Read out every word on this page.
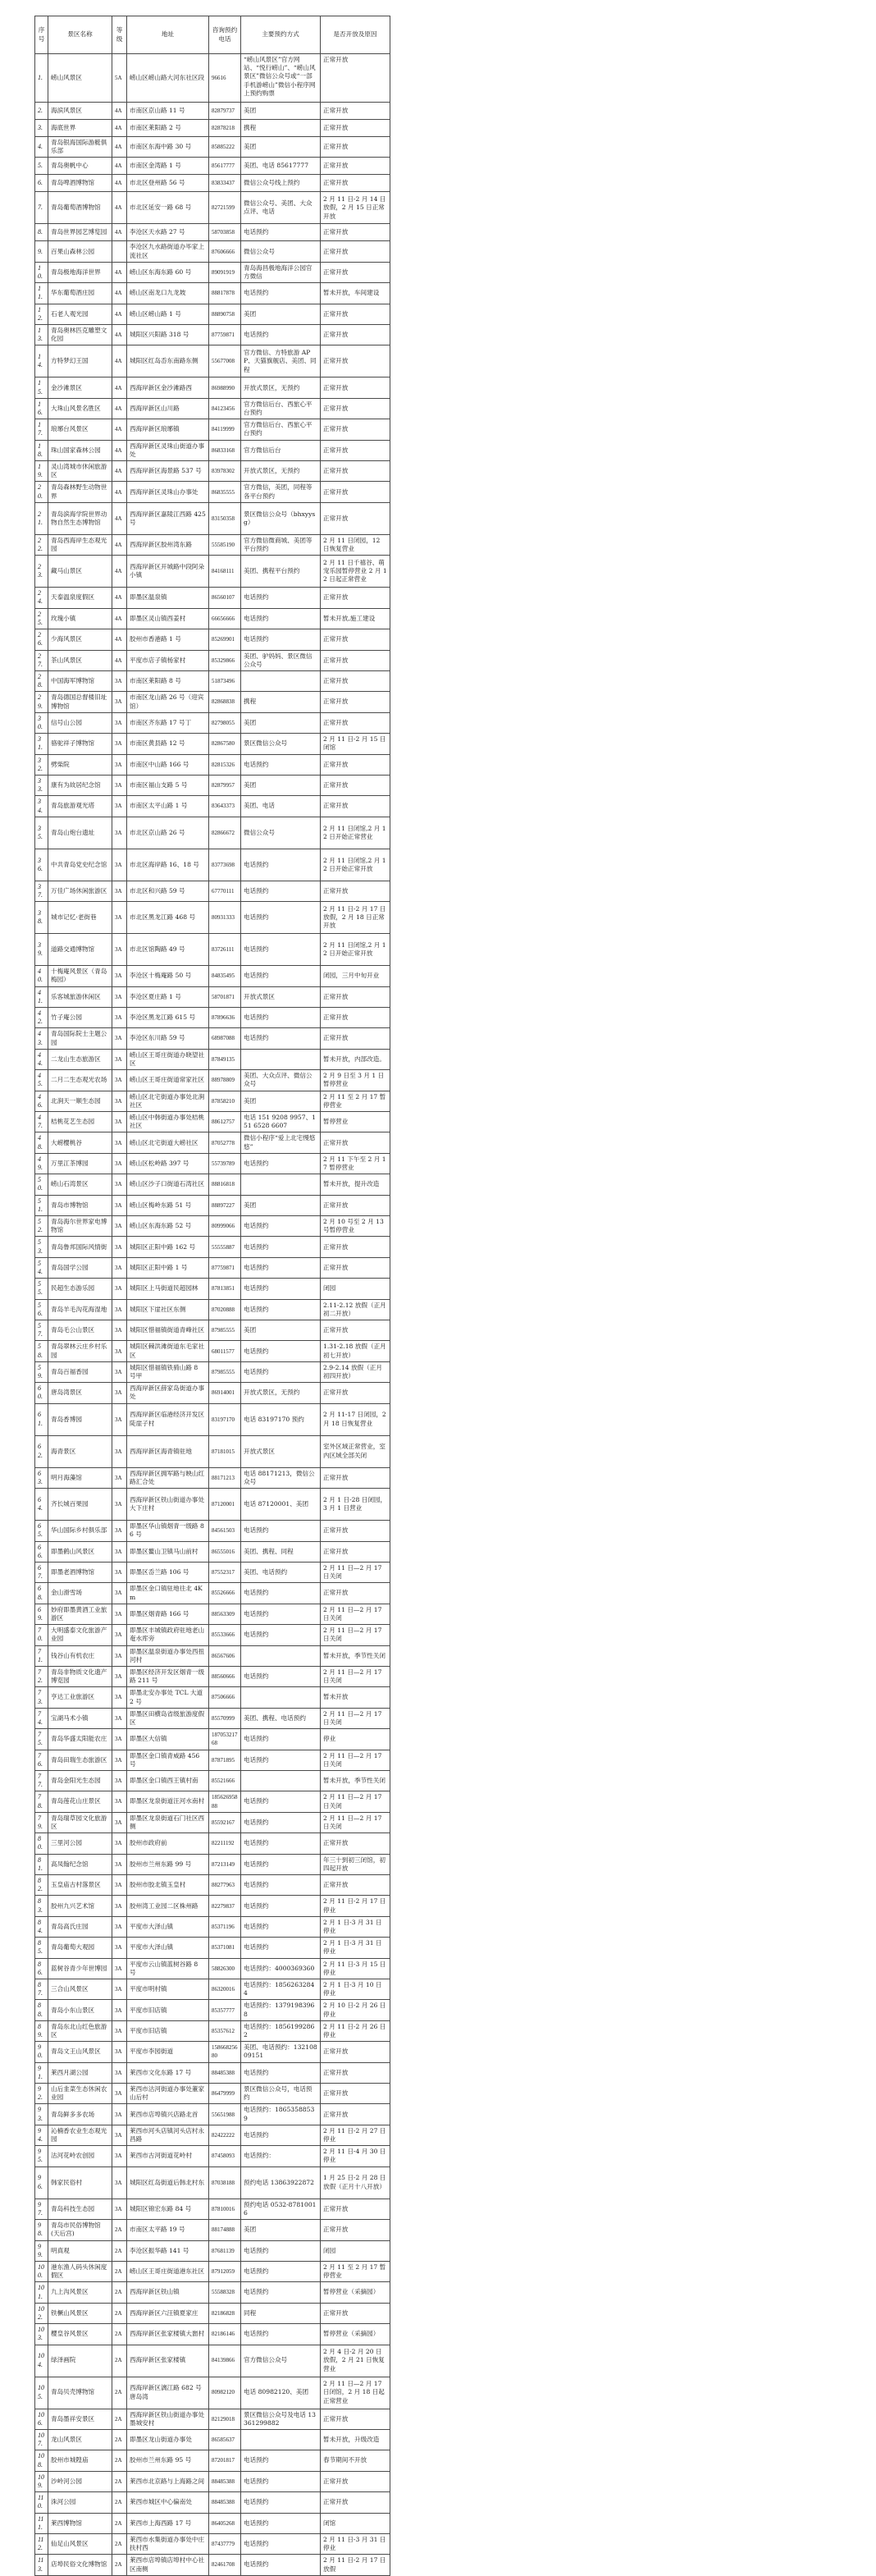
序号	景区名称	等级	地址	咨询预约电话	主要预约方式	是否开放及原因
1.	崂山风景区	5A	崂山区崂山路大河东社区段	96616	“崂山风景区”官方网站、“悦行崂山”、“崂山风景区”微信公众号或“一部手机游崂山”微信小程序网上预约购票	正常开放
2.	海滨风景区	4A	市南区京山路 11 号	82879737	美团	正常开放
3.	海底世界	4A	市南区莱阳路 2 号	82878218	携程	正常开放
4.	青岛银海国际游艇俱乐部	4A	市南区东海中路 30 号	85885222	美团	正常开放
5.	青岛奥帆中心	4A	市南区金湾路 1 号	85617777	美团、电话 85617777	正常开放
6.	青岛啤酒博物馆	4A	市北区登州路 56 号	83833437	微信公众号线上预约	正常开放
7.	青岛葡萄酒博物馆	4A	市北区延安一路 68 号	82721599	微信公众号、美团、大众点评、电话	2 月 11 日-2 月 14 日放假，2 月 15 日正常开放
8.	青岛世界园艺博览园	4A	李沧区天水路 27 号	58703858	电话预约	正常开放
9.	百果山森林公园		李沧区九水路街道办毕家上流社区	87606666	微信公众号	正常开放
10.	青岛极地海洋世界	4A	崂山区东海东路 60 号	89091919	青岛海昌极地海洋公园官方微信	正常开放
11.	华东葡萄酒庄园	4A	崂山区南龙口九龙坡	88817878	电话预约	暂未开放，车间建设
12.	石老人观光园	4A	崂山区崂山路 1 号	88890758	美团	正常开放
13.	青岛奥林匹克雕塑文化园	4A	城阳区兴阳路 318 号	87759871	电话预约	正常开放
14.	方特梦幻王国	4A	城阳区红岛岙东南路东侧	55677008	官方微信、方特旅游 APP、天猫旗舰店、美团、同程	正常开放
15.	金沙滩景区	4A	西海岸新区金沙滩路西	86988990	开放式景区，无预约	正常开放
16.	大珠山风景名胜区	4A	西海岸新区山川路	84123456	官方微信后台、西旅心平台预约	正常开放
17.	琅琊台风景区	4A	西海岸新区琅琊镇	84119999	官方微信后台、西旅心平台预约	正常开放
18.	珠山国家森林公园	4A	西海岸新区灵珠山街道办事处	86833168	官方微信后台	正常开放
19.	灵山湾城市休闲旅游区	4A	西海岸新区海景路 537 号	83978302	开放式景区，无预约	正常开放
20.	青岛森林野生动物世界	4A	西海岸新区灵珠山办事处	86835555	官方微信，美团，同程等各平台预约	正常开放
21.	青岛滨海学院世界动物自然生态博物馆	4A	西海岸新区嘉陵江西路 425 号	83150358	景区微信公众号（bhxyysg）	正常开放
22.	青岛西海岸生态观光园	4A	西海岸新区胶州湾东路	55585190	官方微信微商城、美团等平台预约	2 月 11 日闭园，12 日恢复营业
23.	藏马山景区	4A	西海岸新区开城路中段阿朵小镇	84168111	美团、携程平台预约	2 月 11 日千禧谷、萌宠乐园暂停营业 2 月 12 日起正常营业
24.	天泰温泉度假区	4A	即墨区温泉镇	86560107	电话预约	正常开放
25.	玫瑰小镇	4A	即墨区灵山镇西姜村	66656666	电话预约	暂未开放,施工建设
26.	少海风景区	4A	胶州市香港路 1 号	85269901	电话预约	正常开放
27.	茶山风景区	4A	平度市店子镇杨家村	85329866	美团、驴妈妈、景区微信公众号	正常开放
28.	中国海军博物馆	3A	市南区莱阳路 8 号	51873496		正常开放
29.	青岛德国总督楼旧址博物馆	3A	市南区龙山路 26 号（迎宾馆）	82868838	携程	正常开放
30.	信号山公园	3A	市南区齐东路 17 号丁	82798055	美团	正常开放
31.	骆驼祥子博物馆	3A	市南区黄县路 12 号	82867580	景区微信公众号	2 月 11 日-2 月 15 日闭馆
32.	劈柴院	3A	市南区中山路 166 号	82815326	电话预约	正常开放
33.	康有为故居纪念馆	3A	市南区福山支路 5 号	82879957	美团	正常开放
34.	青岛旅游观光塔	3A	市南区太平山路 1 号	83643373	美团、电话	正常开放
35.	青岛山炮台遗址	3A	市北区京山路 26 号	82866672	微信公众号	2 月 11 日闭馆,2 月 12 日开始正常营业
36.	中共青岛党史纪念馆	3A	市北区海岸路 16、18 号	83773698	电话预约	2 月 11 日闭馆,2 月 12 日开始正常开放
37.	万佳广场休闲旅游区	3A	市北区和兴路 59 号	67770111	电话预约	正常开放
38.	城市记忆·老街巷	3A	市北区黑龙江路 468 号	80931333	电话预约	2 月 11 日-2 月 17 日放假，2 月 18 日正常开放
39.	道路交通博物馆	3A	市北区馆陶路 49 号	83726111	电话预约	2 月 11 日闭馆,2 月 12 日开始正常开放
40.	十梅庵风景区（青岛梅园）	3A	李沧区十梅庵路 50 号	84835495	电话预约	闭园，三月中旬开业
41.	乐客城旅游休闲区	3A	李沧区夏庄路 1 号	58701871	开放式景区	正常开放
42.	竹子庵公园	3A	李沧区黑龙江路 615 号	87896636	电话预约	正常开放
43.	青岛国际院士主题公园	3A	李沧区东川路 59 号	68987088	电话预约	正常开放
44.	二龙山生态旅游区	3A	崂山区王哥庄街道办晓望社区	87849135		暂未开放，内部改造。
45.	二月二生态观光农场	3A	崂山区王哥庄街道常家社区	88978809	美团、大众点评、微信公众号	2 月 9 日至 3 月 1 日暂停营业
46.	北涧天一顺生态园	3A	崂山区北宅街道办事处北涧社区	87858210	美团	2 月 11 至 2 月 17 暂停营业
47.	桔桃花艺生态园	3A	崂山区中韩街道办事处桔桃社区	88612757	电话 151 9208 9957、151 6528 6607	暂停营业
48.	大崂樱桃谷	3A	崂山区北宅街道大崂社区	87052778	微信小程序“爱上北宅慢悠悠”	正常开放
49.	万里江茶博园	3A	崂山区松岭路 397 号	55739789	电话预约	2 月 11 下午至 2 月 17 暂停营业
50.	崂山石湾景区	3A	崂山区沙子口街道石湾社区	88816818		暂未开放，提升改造
51.	青岛市博物馆	3A	崂山区梅岭东路 51 号	88897227	美团	正常开放
52.	青岛海尔世界家电博物馆	3A	崂山区东海东路 52 号	80999066	电话预约	2 月 10 号至 2 月 13 号暂停营业
53.	青岛鲁邦国际风情街	3A	城阳区正阳中路 162 号	55555887	电话预约	正常开放
54.	青岛国学公园	3A	城阳区正阳中路 1 号	87759871	电话预约	正常开放
55.	民超生态游乐园	3A	城阳区上马街道民超园林	87813851	电话预约	闭园
56.	青岛羊毛沟花海湿地	3A	城阳区下崖社区东侧	87020888	电话预约	2.11-2.12 放假（正月初二开放）
57.	青岛毛公山景区	3A	城阳区惜福镇街道青峰社区	87985555	美团	正常开放
58.	青岛翠林云庄乡村乐园	3A	城阳区棘洪滩街道东毛家社区	68011577	电话预约	1.31-2.18 放假（正月初七开放）
59.	青岛百福香园	3A	城阳区惜福镇铁骑山路 8 号甲	87985555	电话预约	2.9-2.14 放假（正月初四开放）
60.	唐岛湾景区	3A	西海岸新区薛家岛街道办事处	86914001	开放式景区，无预约	正常开放
61.	青岛香博园	3A	西海岸新区临港经济开发区陡崖子村	83197170	电话 83197170 预约	2 月 11-17 日闭园，2 月 18 日恢复营业
62.	海青景区	3A	西海岸新区海青镇驻地	87181015	开放式景区	室外区域正常营业，室内区域全部关闭
63.	明月海藻馆	3A	西海岸新区拥军路与映山红路汇合处	88171213	电话 88171213，微信公众号	正常开放
64.	齐长城百果园	3A	西海岸新区铁山街道办事处大下庄村	87120001	电话 87120001、美团	2 月 1 日-28 日闭园，3 月 1 日营业
65.	华山国际乡村俱乐部	3A	即墨区华山镇烟青一级路 86 号	84561503	电话预约	正常开放
66.	即墨鹤山风景区	3A	即墨区鳌山卫镇马山前村	86555016	美团、携程、同程	正常开放
67.	即墨老酒博物馆	3A	即墨区岙兰路 106 号	87552317	美团、电话预约	2 月 11 日—2 月 17 日关闭
68.	金山滑雪场	3A	即墨区金口镇驻地往北 4Km	85526666	电话预约	正常开放
69.	妙府即墨黄酒工业旅游区	3A	即墨区烟青路 166 号	88563309	电话预约	2 月 11 日—2 月 17 日关闭
70.	大明盛泰文化旅游产业园	3A	即墨区丰城镇政府驻地老山奄水库旁	85533666	电话预约	2 月 11 日—2 月 17 日关闭
71.	钱谷山有机农庄	3A	即墨区温泉街道办事处西扭河村	86567606		暂未开放，季节性关闭
72.	青岛非物质文化遗产博览园	3A	即墨区经济开发区烟青一级路 211 号	88560666	电话预约	2 月 11 日—2 月 17 日关闭
73.	亨达工业旅游区	3A	即墨北安办事处 TCL 大道 2 号	87506666		暂未开放
74.	宝湖马术小镇	3A	即墨区田横岛省级旅游度假区	85570999	美团、携程、电话预约	2 月 11 日—2 月 17 日关闭
75.	青岛华盛太阳能农庄	3A	即墨区大信镇	18705321768	电话预约	停业
76.	青岛田瑞生态旅游区	3A	即墨区金口镇青威路 456 号	87871895	电话预约	2 月 11 日—2 月 17 日关闭
77.	青岛金阳光生态园	3A	即墨区金口镇西王镇村南	85521666		暂未开放，季节性关闭
78.	青岛莲花山庄景区	3A	即墨区龙泉街道汪河水南村	18562695888	电话预约	2 月 11 日—2 月 17 日关闭
79.	青岛瑞草园文化旅游区	3A	即墨区龙泉街道石门社区西侧	85592167	电话预约	2 月 11 日—2 月 17 日关闭
80.	三里河公园	3A	胶州市政府前	82211192	电话预约	正常开放
81.	高凤翰纪念馆	3A	胶州市兰州东路 99 号	87213149	电话预约	年三十到初三闭馆，初四起开放
82.	玉皇庙古村落景区	3A	胶州市胶北镇玉皇村	88277963	电话预约	正常开放
83.	胶州九兴艺术馆	3A	胶州湾工业园二区株州路	82279837	电话预约	2 月 11 日-2 月 17 日停业
84.	青岛高氏庄园	3A	平度市大泽山镇	85371196	电话预约	2 月 1 日-3 月 31 日停业
85.	青岛葡萄大观园	3A	平度市大泽山镇	85371081	电话预约	2 月 1 日-3 月 31 日停业
86.	蓝树谷青少年世博园	3A	平度市云山镇蓝树谷路 8 号	58826300	电话预约：4000369360	2 月 11 日-3 月 15 日停业
87.	三合山风景区	3A	平度市明村镇	86320016	电话预约：18562632844	2 月 1 日-3 月 10 日停业
88.	青岛小东山景区	3A	平度市旧店镇	85357777	电话预约：13791983968	2 月 10 日-2 月 26 日停业
89.	青岛东北山红色旅游区	3A	平度市旧店镇	85357612	电话预约：18561992862	2 月 11 日-2 月 26 日停业
90.	青岛文王山风景区	3A	平度市李园街道	15866825680	美团、电话预约：13210809151	正常开放
91.	莱西月湖公园	3A	莱西市文化东路 17 号	88485388	电话预约	正常开放
92.	山后韭菜生态休闲农业园	3A	莱西市沽河街道办事处董家山后村	86479999	景区微信公众号，电话预约	正常开放
93.	青岛鲜多多农场	3A	莱西市店埠镇兴店路北首	55651988	电话预约：18653588539	正常开放
94.	沁楠香农业生态观光园	3A	莱西市河头店镇河头店村永昌路	82422222	电话预约	2 月 11 日-2 月 27 日停业
95.	沽河花岭农创园	3A	莱西市古河街道花岭村	87458093	电话预约：	2 月 11 日-4 月 30 日停业
96.	韩家民俗村	3A	城阳区红岛街道后韩北村东	87038188	预约电话 13863922872	1 月 25 日-2 月 28 日放假（正月十八开放）
97.	青岛科技生态园	3A	城阳区锦宏东路 84 号	87810016	预约电话 0532-87810016	正常开放
98.	青岛市民俗博物馆(天后宫)	2A	市南区太平路 19 号	88174888	美团	正常开放
99.	明真观	2A	李沧区振华路 141 号	87681139	电话预约	闭园
100.	港东渔人码头休闲度假区	2A	崂山区王哥庄街道港东社区	87912059	电话预约	2 月 11 至 2 月 17 暂停营业
101.	九上沟风景区	2A	西海岸新区铁山镇	55588328	电话预约	暂停营业（采摘园）
102.	铁橛山风景区	2A	西海岸新区六汪镇夏家庄	82186828	同程	正常开放
103.	樱皇谷风景区	2A	西海岸新区张家楼镇大崮村	82186146	电话预约	暂停营业（采摘园）
104.	绿泽画院	2A	西海岸新区张家楼镇	84139866	官方微信公众号	2 月 4 日-2 月 20 日放假，2 月 21 日恢复营业
105.	青岛贝壳博物馆	2A	西海岸新区漓江路 682 号唐岛湾	80982120	电话 80982120、美团	2 月 11 日—2 月 17 日闭馆，2 月 18 日起正常营业
106.	青岛墨祥安景区	2A	西海岸新区铁山街道办事处墨城安村	82129018	景区微信公众号及电话 13361299882	正常开放
107.	龙山风景区	2A	即墨区龙山街道办事处	86585637		暂未开放，升级改造
108.	胶州市城隍庙	2A	胶州市兰州东路 95 号	87201817	电话预约	春节期间不开放
109.	沙岭河公园	2A	莱西市北京路与上海路之间	88485388	电话预约	正常开放
110.	洙河公园	2A	莱西市城区中心偏南处	88485388	电话预约	正常开放
111.	莱西博物馆	2A	莱西市上海西路 17 号	86405268	电话预约	闭馆
112.	仙足山风景区	2A	莱西市水集街道办事处中庄扶村西	87437779	电话预约	2 月 11 日-3 月 31 日停业
113.	店埠民俗文化博物馆	2A	莱西市店埠镇店埠村中心社区南侧	82461708	电话预约	2 月 11 日-2 月 17 日放假
